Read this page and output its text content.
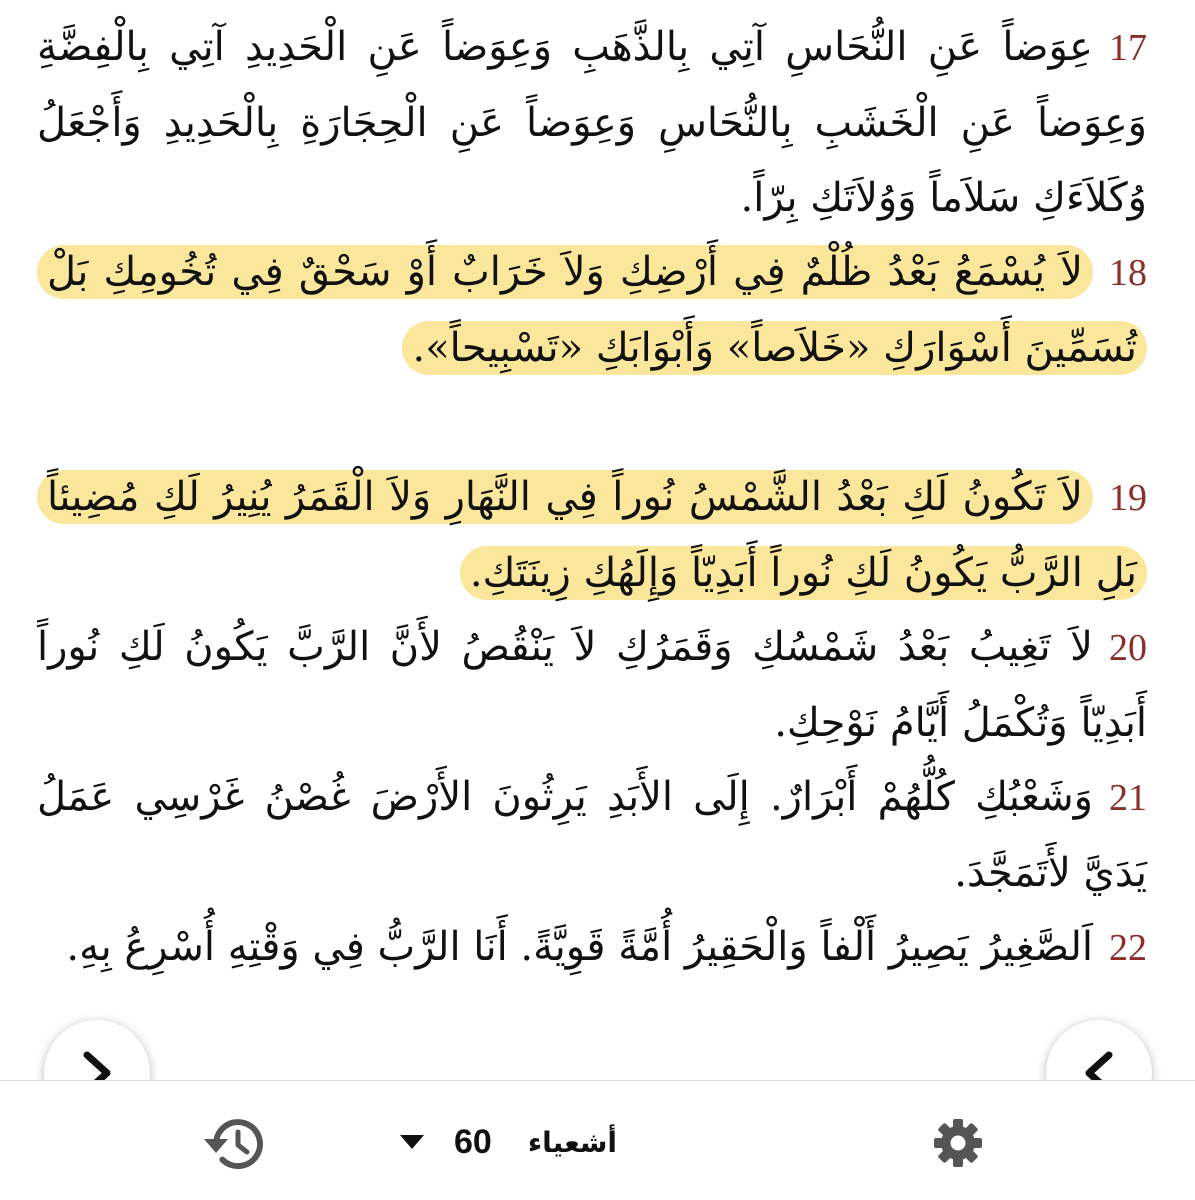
17عِوَضاً عَنِ النُّحَاسِ آتِي بِالذَّهَبِ وَعِوَضاً عَنِ الْحَدِيدِ آتِي بِالْفِضَّةِ وَعِوَضاً عَنِ الْخَشَبِ بِالنُّحَاسِ وَعِوَضاً عَنِ الْحِجَارَةِ بِالْحَدِيدِ وَأَجْعَلُ وُكَلاَءَكِ سَلاَماً وَوُلاَتَكِ بِرّاً.
18لاَ يُسْمَعُ بَعْدُ ظُلْمٌ فِي أَرْضِكِ وَلاَ خَرَابٌ أَوْ سَحْقٌ فِي تُخُومِكِ بَلْ تُسَمِّينَ أَسْوَارَكِ «خَلاَصاً» وَأَبْوَابَكِ «تَسْبِيحاً».
19لاَ تَكُونُ لَكِ بَعْدُ الشَّمْسُ نُوراً فِي النَّهَارِ وَلاَ الْقَمَرُ يُنِيرُ لَكِ مُضِيئاً بَلِ الرَّبُّ يَكُونُ لَكِ نُوراً أَبَدِيّاً وَإِلَهُكِ زِينَتَكِ.
20لاَ تَغِيبُ بَعْدُ شَمْسُكِ وَقَمَرُكِ لاَ يَنْقُصُ لأَنَّ الرَّبَّ يَكُونُ لَكِ نُوراً أَبَدِيّاً وَتُكْمَلُ أَيَّامُ نَوْحِكِ.
21وَشَعْبُكِ كُلُّهُمْ أَبْرَارٌ. إِلَى الأَبَدِ يَرِثُونَ الأَرْضَ غُصْنُ غَرْسِي عَمَلُ يَدَيَّ لأَتَمَجَّدَ.
22اَلصَّغِيرُ يَصِيرُ أَلْفاً وَالْحَقِيرُ أُمَّةً قَوِيَّةً. أَنَا الرَّبُّ فِي وَقْتِهِ أُسْرِعُ بِهِ.
60 أشعياء
